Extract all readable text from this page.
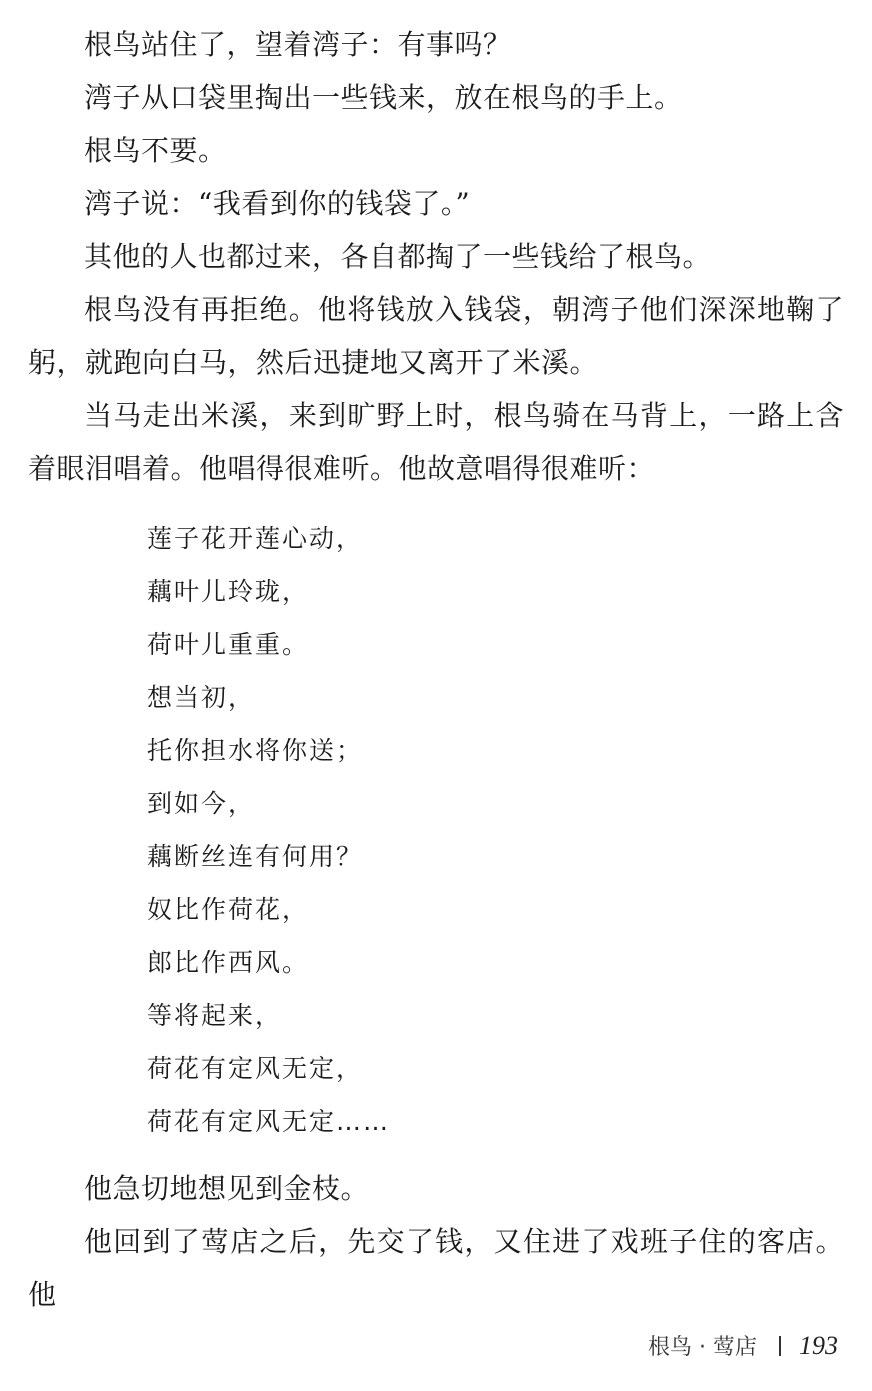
根鸟站住了，望着湾子：有事吗？

湾子从口袋里掏出一些钱来，放在根鸟的手上。

根鸟不要。

湾子说：“我看到你的钱袋了。”

其他的人也都过来，各自都掏了一些钱给了根鸟。

根鸟没有再拒绝。他将钱放入钱袋，朝湾子他们深深地鞠了躬，就跑向白马，然后迅捷地又离开了米溪。

当马走出米溪，来到旷野上时，根鸟骑在马背上，一路上含着眼泪唱着。他唱得很难听。他故意唱得很难听：

莲子花开莲心动，
藕叶儿玲珑，
荷叶儿重重。
想当初，
托你担水将你送；
到如今，
藕断丝连有何用？
奴比作荷花，
郎比作西风。
等将起来，
荷花有定风无定，
荷花有定风无定……

他急切地想见到金枝。

他回到了莺店之后，先交了钱，又住进了戏班子住的客店。他

根鸟 · 莺店 193
